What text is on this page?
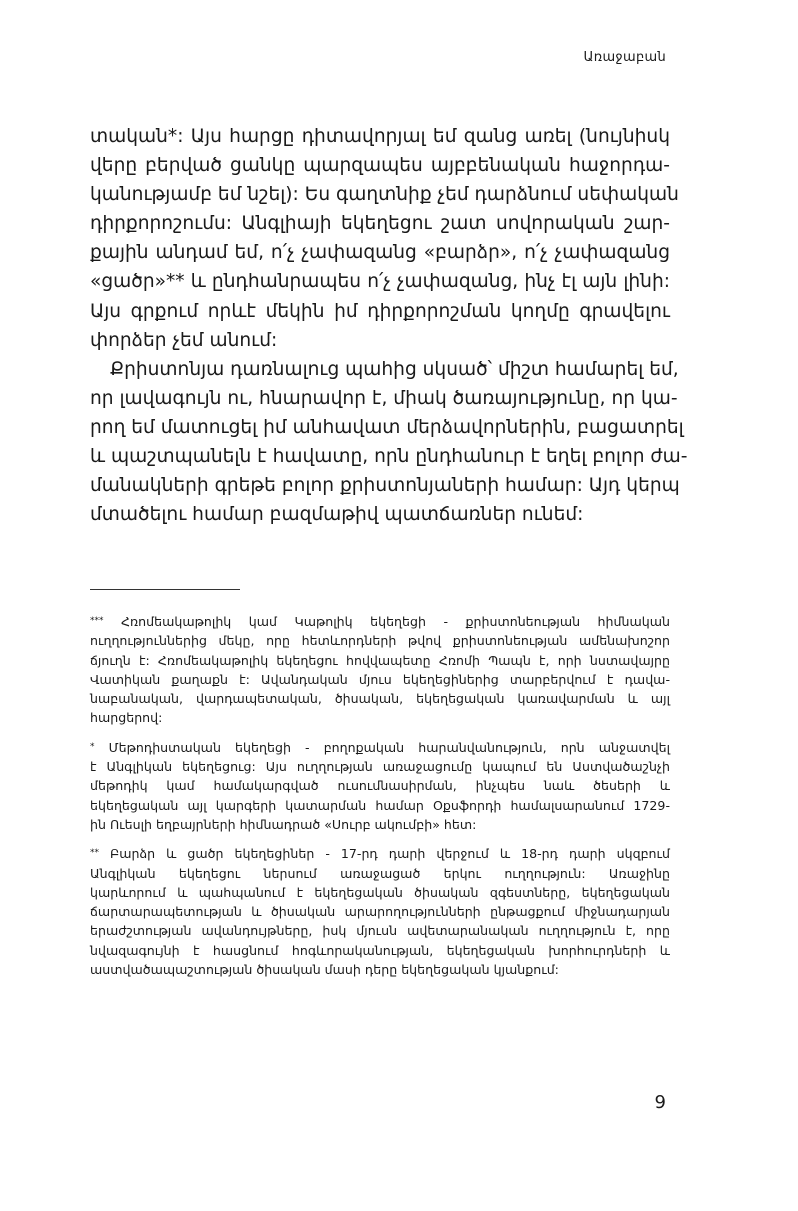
Առաջաբան
տական*: Այս հարցը դիտավորյալ եմ զանց առել (նույնիսկ
վերը բերված ցանկը պարզապես այբբենական հաջորդա-
կանությամբ եմ նշել): Ես գաղտնիք չեմ դարձնում սեփական
դիրքորոշումս: Անգլիայի եկեղեցու շատ սովորական շար-
քային անդամ եմ, ո՛չ չափազանց «բարձր», ո՛չ չափազանց
«ցածր»** և ընդհանրապես ո՛չ չափազանց, ինչ էլ այն լինի:
Այս գրքում որևէ մեկին իմ դիրքորոշման կողմը գրավելու
փորձեր չեմ անում:
Քրիստոնյա դառնալուց պահից սկսած՝ միշտ համարել եմ,
որ լավագույն ու, հնարավոր է, միակ ծառայությունը, որ կա-
րող եմ մատուցել իմ անհավատ մերձավորներին, բացատրել
և պաշտպանելն է հավատը, որն ընդհանուր է եղել բոլոր ժա-
մանակների գրեթե բոլոր քրիստոնյաների համար: Այդ կերպ
մտածելու համար բազմաթիվ պատճառներ ունեմ:
*** Հռոմեակաթոլիկ կամ Կաթոլիկ եկեղեցի - քրիստոնեության հիմնական
ուղղություններից մեկը, որը հետևորդների թվով քրիստոնեության ամենախոշոր
ճյուղն է: Հռոմեակաթոլիկ եկեղեցու հովվապետը Հռոմի Պապն է, որի նստավայրը
Վատիկան քաղաքն է: Ավանդական մյուս եկեղեցիներից տարբերվում է դավա-
նաբանական, վարդապետական, ծիսական, եկեղեցական կառավարման և այլ
հարցերով:
* Մեթոդիստական եկեղեցի - բողոքական հարանվանություն, որն անջատվել
է Անգլիկան եկեղեցուց: Այս ուղղության առաջացումը կապում են Աստվածաշնչի
մեթոդիկ կամ համակարգված ուսումնասիրման, ինչպես նաև ծեսերի և
եկեղեցական այլ կարգերի կատարման համար Օքսֆորդի համալսարանում 1729-
ին Ուեսլի եղբայրների հիմնադրած «Սուրբ ակումբի» հետ:
** Բարձր և ցածր եկեղեցիներ - 17-րդ դարի վերջում և 18-րդ դարի սկզբում
Անգլիկան եկեղեցու ներսում առաջացած երկու ուղղություն: Առաջինը
կարևորում և պահպանում է եկեղեցական ծիսական զգեստները, եկեղեցական
ճարտարապետության և ծիսական արարողությունների ընթացքում միջնադարյան
երաժշտության ավանդույթները, իսկ մյուսն ավետարանական ուղղություն է, որը
նվազագույնի է հասցնում հոգևորականության, եկեղեցական խորհուրդների և
աստվածապաշտության ծիսական մասի դերը եկեղեցական կյանքում:
9
